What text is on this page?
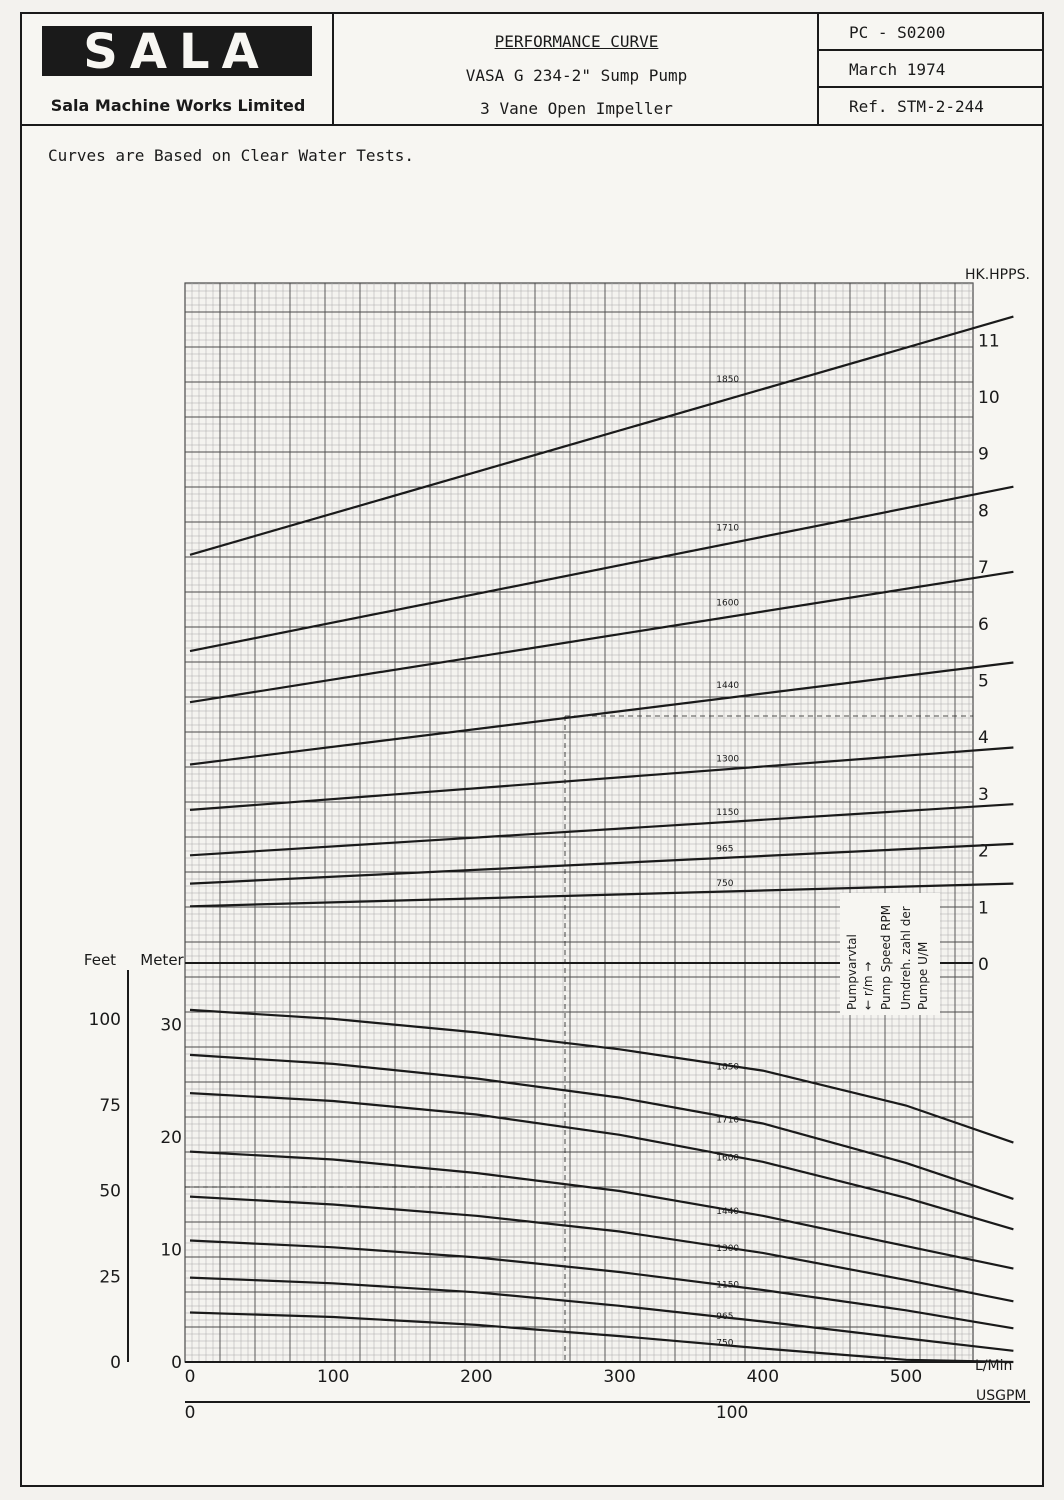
SALA
Sala Machine Works Limited
PERFORMANCE CURVE
VASA G 234-2" Sump Pump
3 Vane Open Impeller
PC - S0200
March 1974
Ref. STM-2-244
Curves are Based on Clear Water Tests.
HK.HPPS.
0
1
2
3
4
5
6
7
8
9
10
11
1850
1710
1600
1440
1300
1150
965
750
1850
1710
1600
1440
1300
1150
965
750
Feet Meter
0
25
50
75
100
0
10
20
30
0	100	200	300	400	500
L/Min
0	100
USGPM
Pumpvarvtal ← r/m → Pump Speed RPM Umdreh. zahl der Pumpe U/M
